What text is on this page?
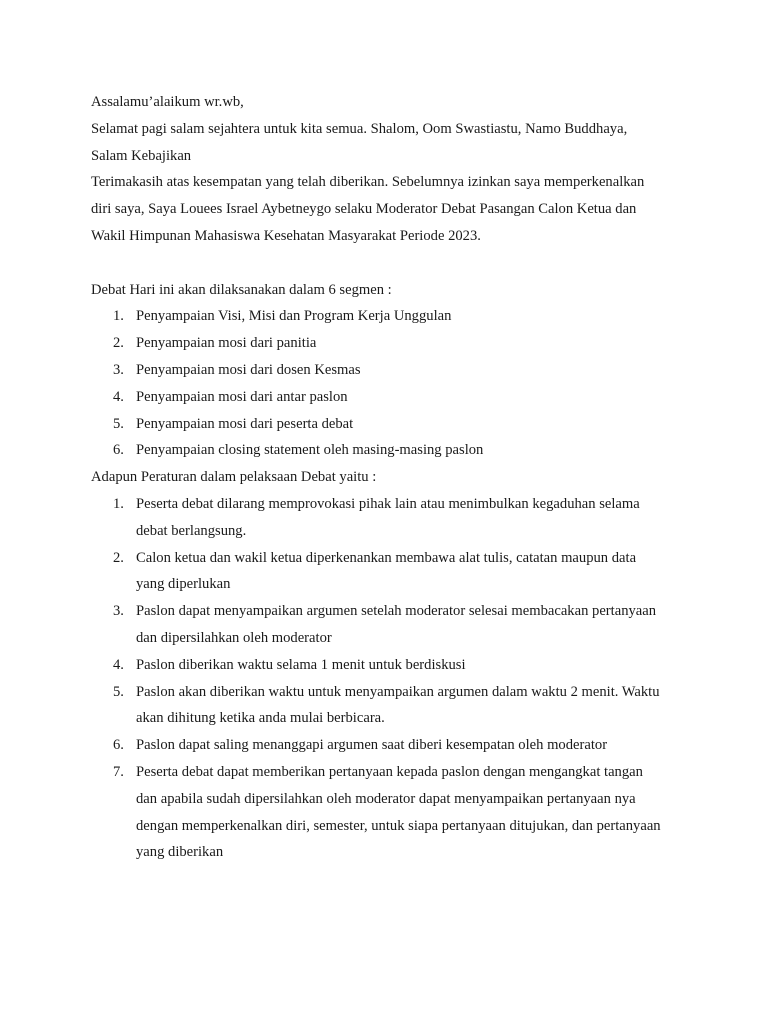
Assalamu’alaikum wr.wb,
Selamat pagi salam sejahtera untuk kita semua. Shalom, Oom Swastiastu, Namo Buddhaya,
Salam Kebajikan
Terimakasih atas kesempatan yang telah diberikan. Sebelumnya izinkan saya memperkenalkan
diri saya, Saya Louees Israel Aybetneygo selaku Moderator Debat Pasangan Calon Ketua dan
Wakil Himpunan Mahasiswa Kesehatan Masyarakat Periode 2023.
Debat Hari ini akan dilaksanakan dalam 6 segmen :
1. Penyampaian Visi, Misi dan Program Kerja Unggulan
2. Penyampaian mosi dari panitia
3. Penyampaian mosi dari dosen Kesmas
4. Penyampaian mosi dari antar paslon
5. Penyampaian mosi dari peserta debat
6. Penyampaian closing statement oleh masing-masing paslon
Adapun Peraturan dalam pelaksaan Debat yaitu :
1. Peserta debat dilarang memprovokasi pihak lain atau menimbulkan kegaduhan selama
debat berlangsung.
2. Calon ketua dan wakil ketua diperkenankan membawa alat tulis, catatan maupun data
yang diperlukan
3. Paslon dapat menyampaikan argumen setelah moderator selesai membacakan pertanyaan
dan dipersilahkan oleh moderator
4. Paslon diberikan waktu selama 1 menit untuk berdiskusi
5. Paslon akan diberikan waktu untuk menyampaikan argumen dalam waktu 2 menit. Waktu
akan dihitung ketika anda mulai berbicara.
6. Paslon dapat saling menanggapi argumen saat diberi kesempatan oleh moderator
7. Peserta debat dapat memberikan pertanyaan kepada paslon dengan mengangkat tangan
dan apabila sudah dipersilahkan oleh moderator dapat menyampaikan pertanyaan nya
dengan memperkenalkan diri, semester, untuk siapa pertanyaan ditujukan, dan pertanyaan
yang diberikan
